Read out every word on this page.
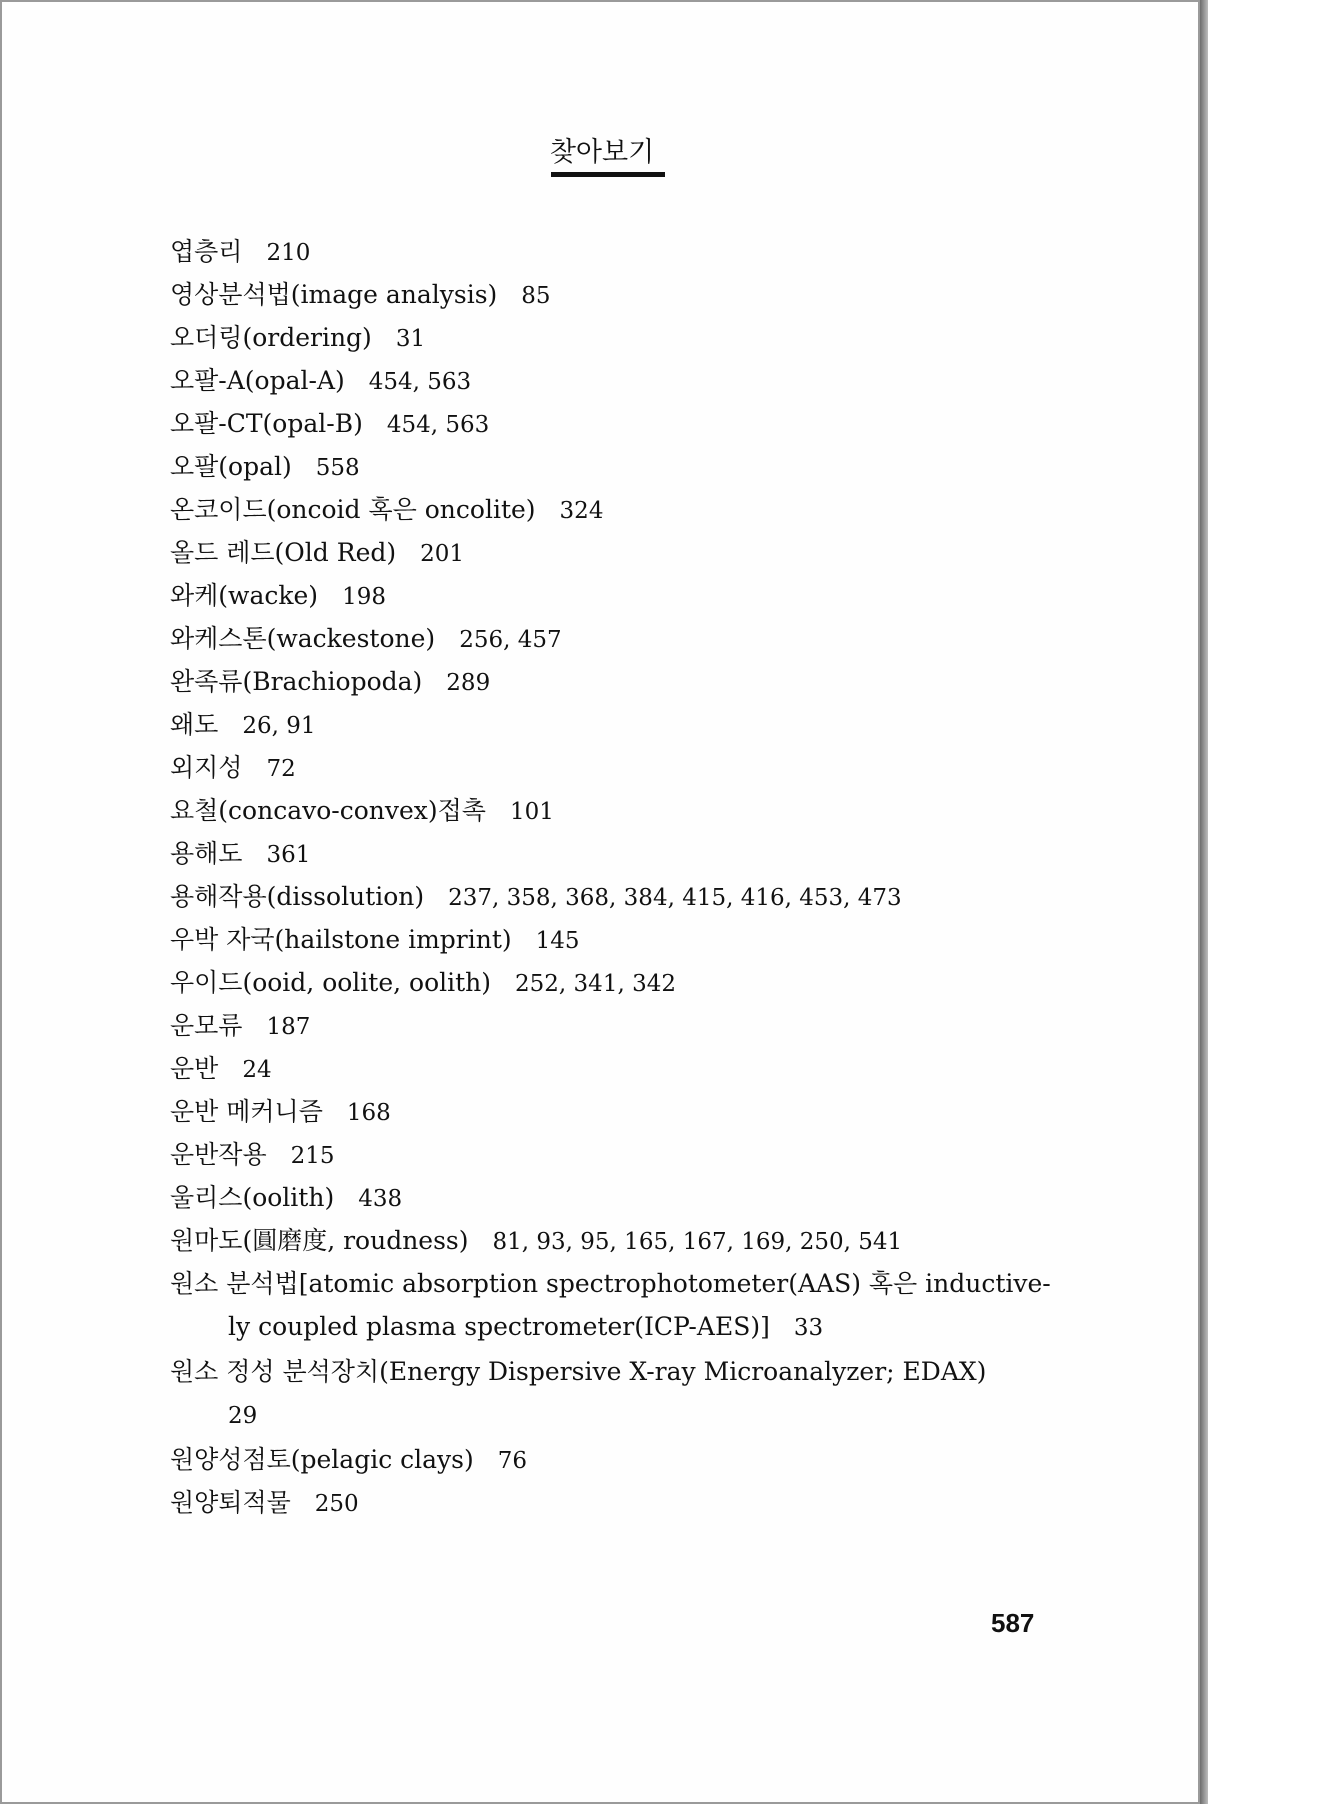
찾아보기
엽층리 210
영상분석법(image analysis) 85
오더링(ordering) 31
오팔-A(opal-A) 454, 563
오팔-CT(opal-B) 454, 563
오팔(opal) 558
온코이드(oncoid 혹은 oncolite) 324
올드 레드(Old Red) 201
와케(wacke) 198
와케스톤(wackestone) 256, 457
완족류(Brachiopoda) 289
왜도 26, 91
외지성 72
요철(concavo-convex)접촉 101
용해도 361
용해작용(dissolution) 237, 358, 368, 384, 415, 416, 453, 473
우박 자국(hailstone imprint) 145
우이드(ooid, oolite, oolith) 252, 341, 342
운모류 187
운반 24
운반 메커니즘 168
운반작용 215
울리스(oolith) 438
원마도(圓磨度, roudness) 81, 93, 95, 165, 167, 169, 250, 541
원소 분석법[atomic absorption spectrophotometer(AAS) 혹은 inductive-
ly coupled plasma spectrometer(ICP-AES)] 33
원소 정성 분석장치(Energy Dispersive X-ray Microanalyzer; EDAX)
29
원양성점토(pelagic clays) 76
원양퇴적물 250
587
